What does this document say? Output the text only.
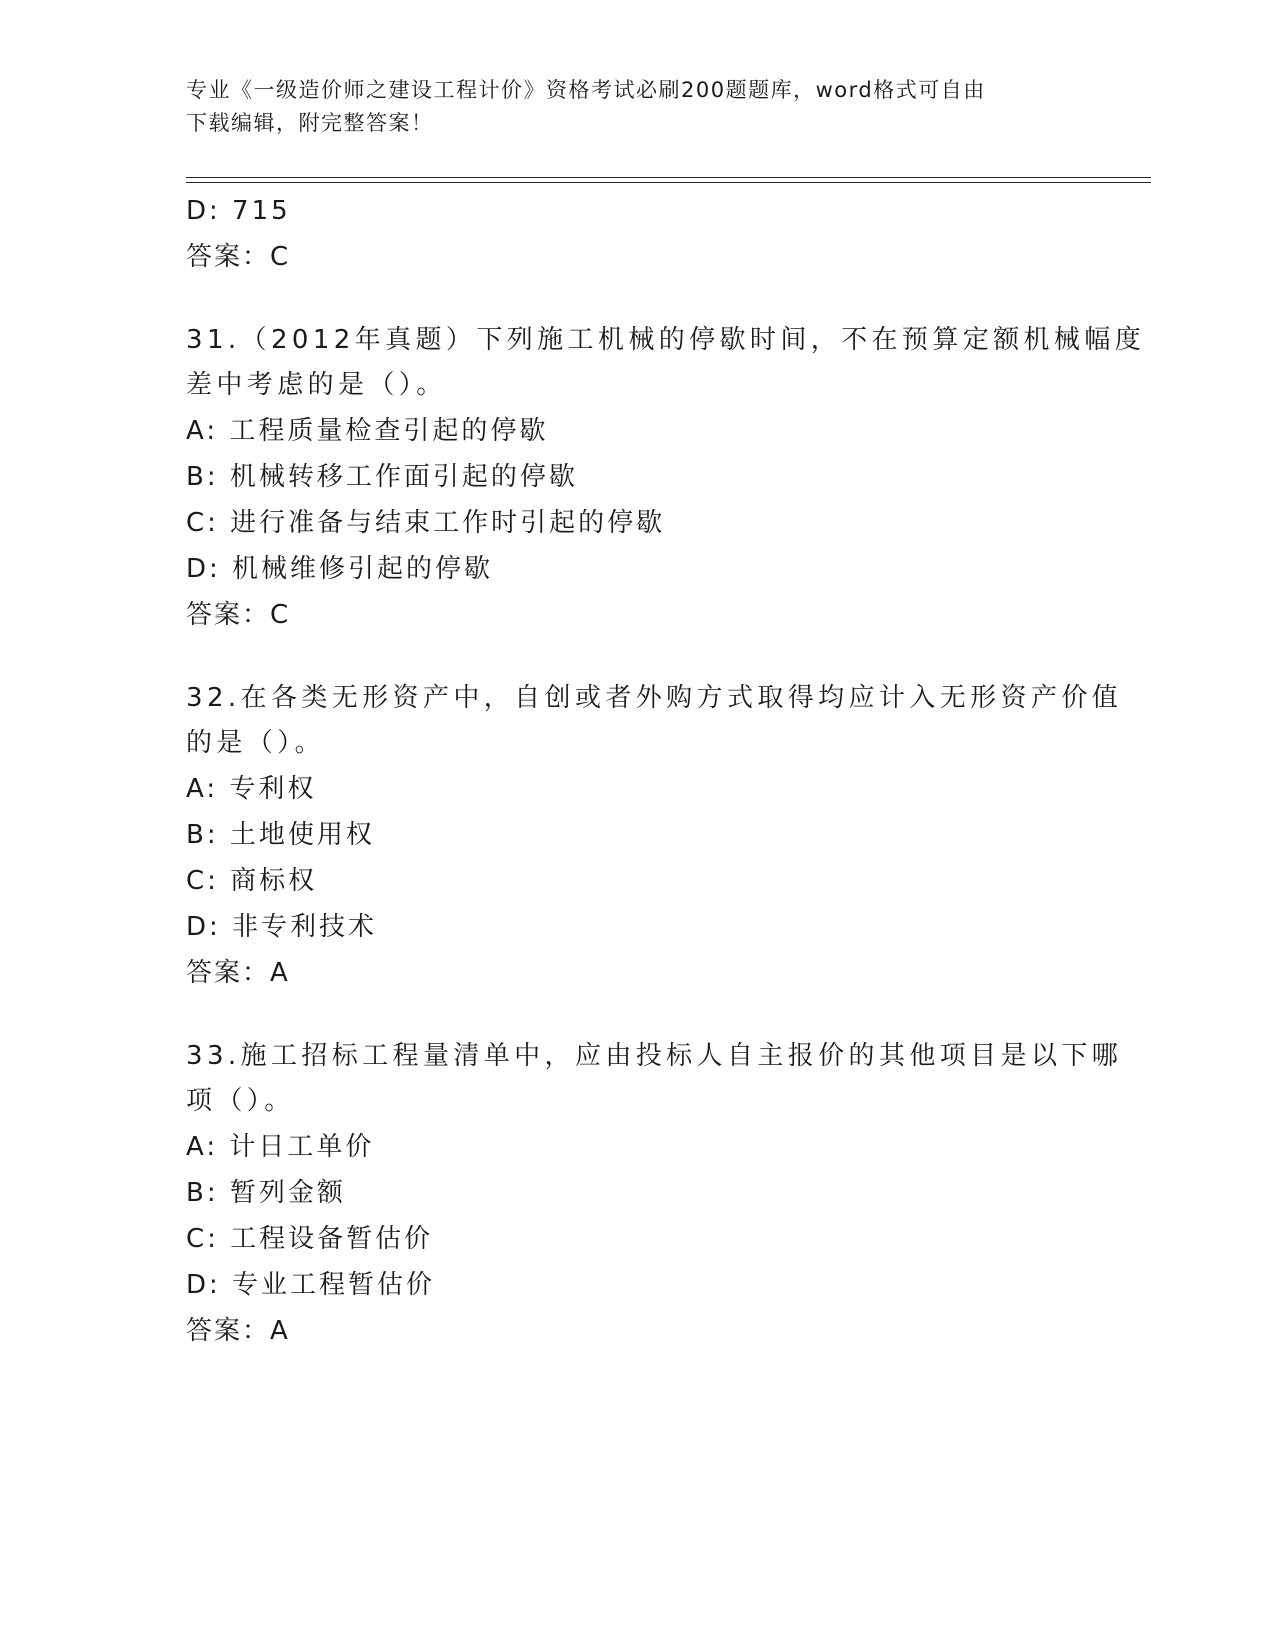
专业《一级造价师之建设工程计价》资格考试必刷200题题库，word格式可自由
下载编辑，附完整答案！
D: 715
答案：C
31.（2012年真题）下列施工机械的停歇时间，不在预算定额机械幅度
差中考虑的是（）。
A: 工程质量检查引起的停歇
B: 机械转移工作面引起的停歇
C: 进行准备与结束工作时引起的停歇
D: 机械维修引起的停歇
答案：C
32.在各类无形资产中，自创或者外购方式取得均应计入无形资产价值
的是（）。
A: 专利权
B: 土地使用权
C: 商标权
D: 非专利技术
答案：A
33.施工招标工程量清单中，应由投标人自主报价的其他项目是以下哪
项（）。
A: 计日工单价
B: 暂列金额
C: 工程设备暂估价
D: 专业工程暂估价
答案：A
